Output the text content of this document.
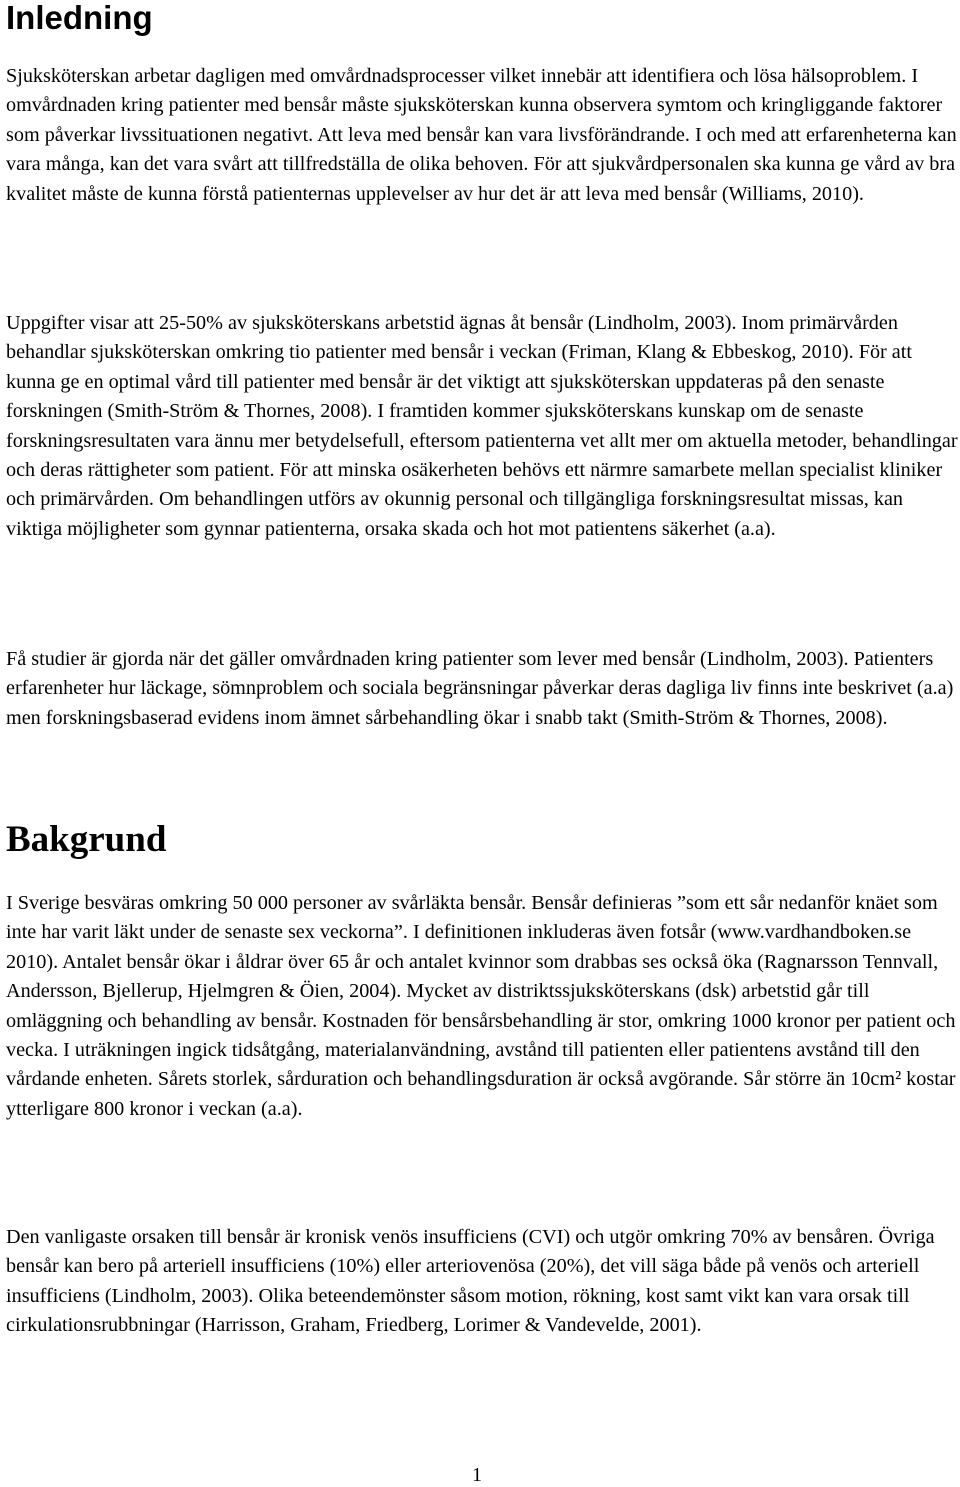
Inledning

Sjuksköterskan arbetar dagligen med omvårdnadsprocesser vilket innebär att identifiera och lösa hälsoproblem. I omvårdnaden kring patienter med bensår måste sjuksköterskan kunna observera symtom och kringliggande faktorer som påverkar livssituationen negativt. Att leva med bensår kan vara livsförändrande. I och med att erfarenheterna kan vara många, kan det vara svårt att tillfredställa de olika behoven. För att sjukvårdpersonalen ska kunna ge vård av bra kvalitet måste de kunna förstå patienternas upplevelser av hur det är att leva med bensår (Williams, 2010).

Uppgifter visar att 25-50% av sjuksköterskans arbetstid ägnas åt bensår (Lindholm, 2003). Inom primärvården behandlar sjuksköterskan omkring tio patienter med bensår i veckan (Friman, Klang & Ebbeskog, 2010). För att kunna ge en optimal vård till patienter med bensår är det viktigt att sjuksköterskan uppdateras på den senaste forskningen (Smith-Ström & Thornes, 2008). I framtiden kommer sjuksköterskans kunskap om de senaste forskningsresultaten vara ännu mer betydelsefull, eftersom patienterna vet allt mer om aktuella metoder, behandlingar och deras rättigheter som patient. För att minska osäkerheten behövs ett närmre samarbete mellan specialist kliniker och primärvården. Om behandlingen utförs av okunnig personal och tillgängliga forskningsresultat missas, kan viktiga möjligheter som gynnar patienterna, orsaka skada och hot mot patientens säkerhet (a.a).

Få studier är gjorda när det gäller omvårdnaden kring patienter som lever med bensår (Lindholm, 2003). Patienters erfarenheter hur läckage, sömnproblem och sociala begränsningar påverkar deras dagliga liv finns inte beskrivet (a.a) men forskningsbaserad evidens inom ämnet sårbehandling ökar i snabb takt (Smith-Ström & Thornes, 2008).

Bakgrund

I Sverige besväras omkring 50 000 personer av svårläkta bensår. Bensår definieras ”som ett sår nedanför knäet som inte har varit läkt under de senaste sex veckorna”. I definitionen inkluderas även fotsår (www.vardhandboken.se 2010). Antalet bensår ökar i åldrar över 65 år och antalet kvinnor som drabbas ses också öka (Ragnarsson Tennvall, Andersson, Bjellerup, Hjelmgren & Öien, 2004). Mycket av distriktssjuksköterskans (dsk) arbetstid går till omläggning och behandling av bensår. Kostnaden för bensårsbehandling är stor, omkring 1000 kronor per patient och vecka. I uträkningen ingick tidsåtgång, materialanvändning, avstånd till patienten eller patientens avstånd till den vårdande enheten. Sårets storlek, sårduration och behandlingsduration är också avgörande. Sår större än 10cm² kostar ytterligare 800 kronor i veckan (a.a).

Den vanligaste orsaken till bensår är kronisk venös insufficiens (CVI) och utgör omkring 70% av bensåren. Övriga bensår kan bero på arteriell insufficiens (10%) eller arteriovenösa (20%), det vill säga både på venös och arteriell insufficiens (Lindholm, 2003). Olika beteendemönster såsom motion, rökning, kost samt vikt kan vara orsak till cirkulationsrubbningar (Harrisson, Graham, Friedberg, Lorimer & Vandevelde, 2001).

1
